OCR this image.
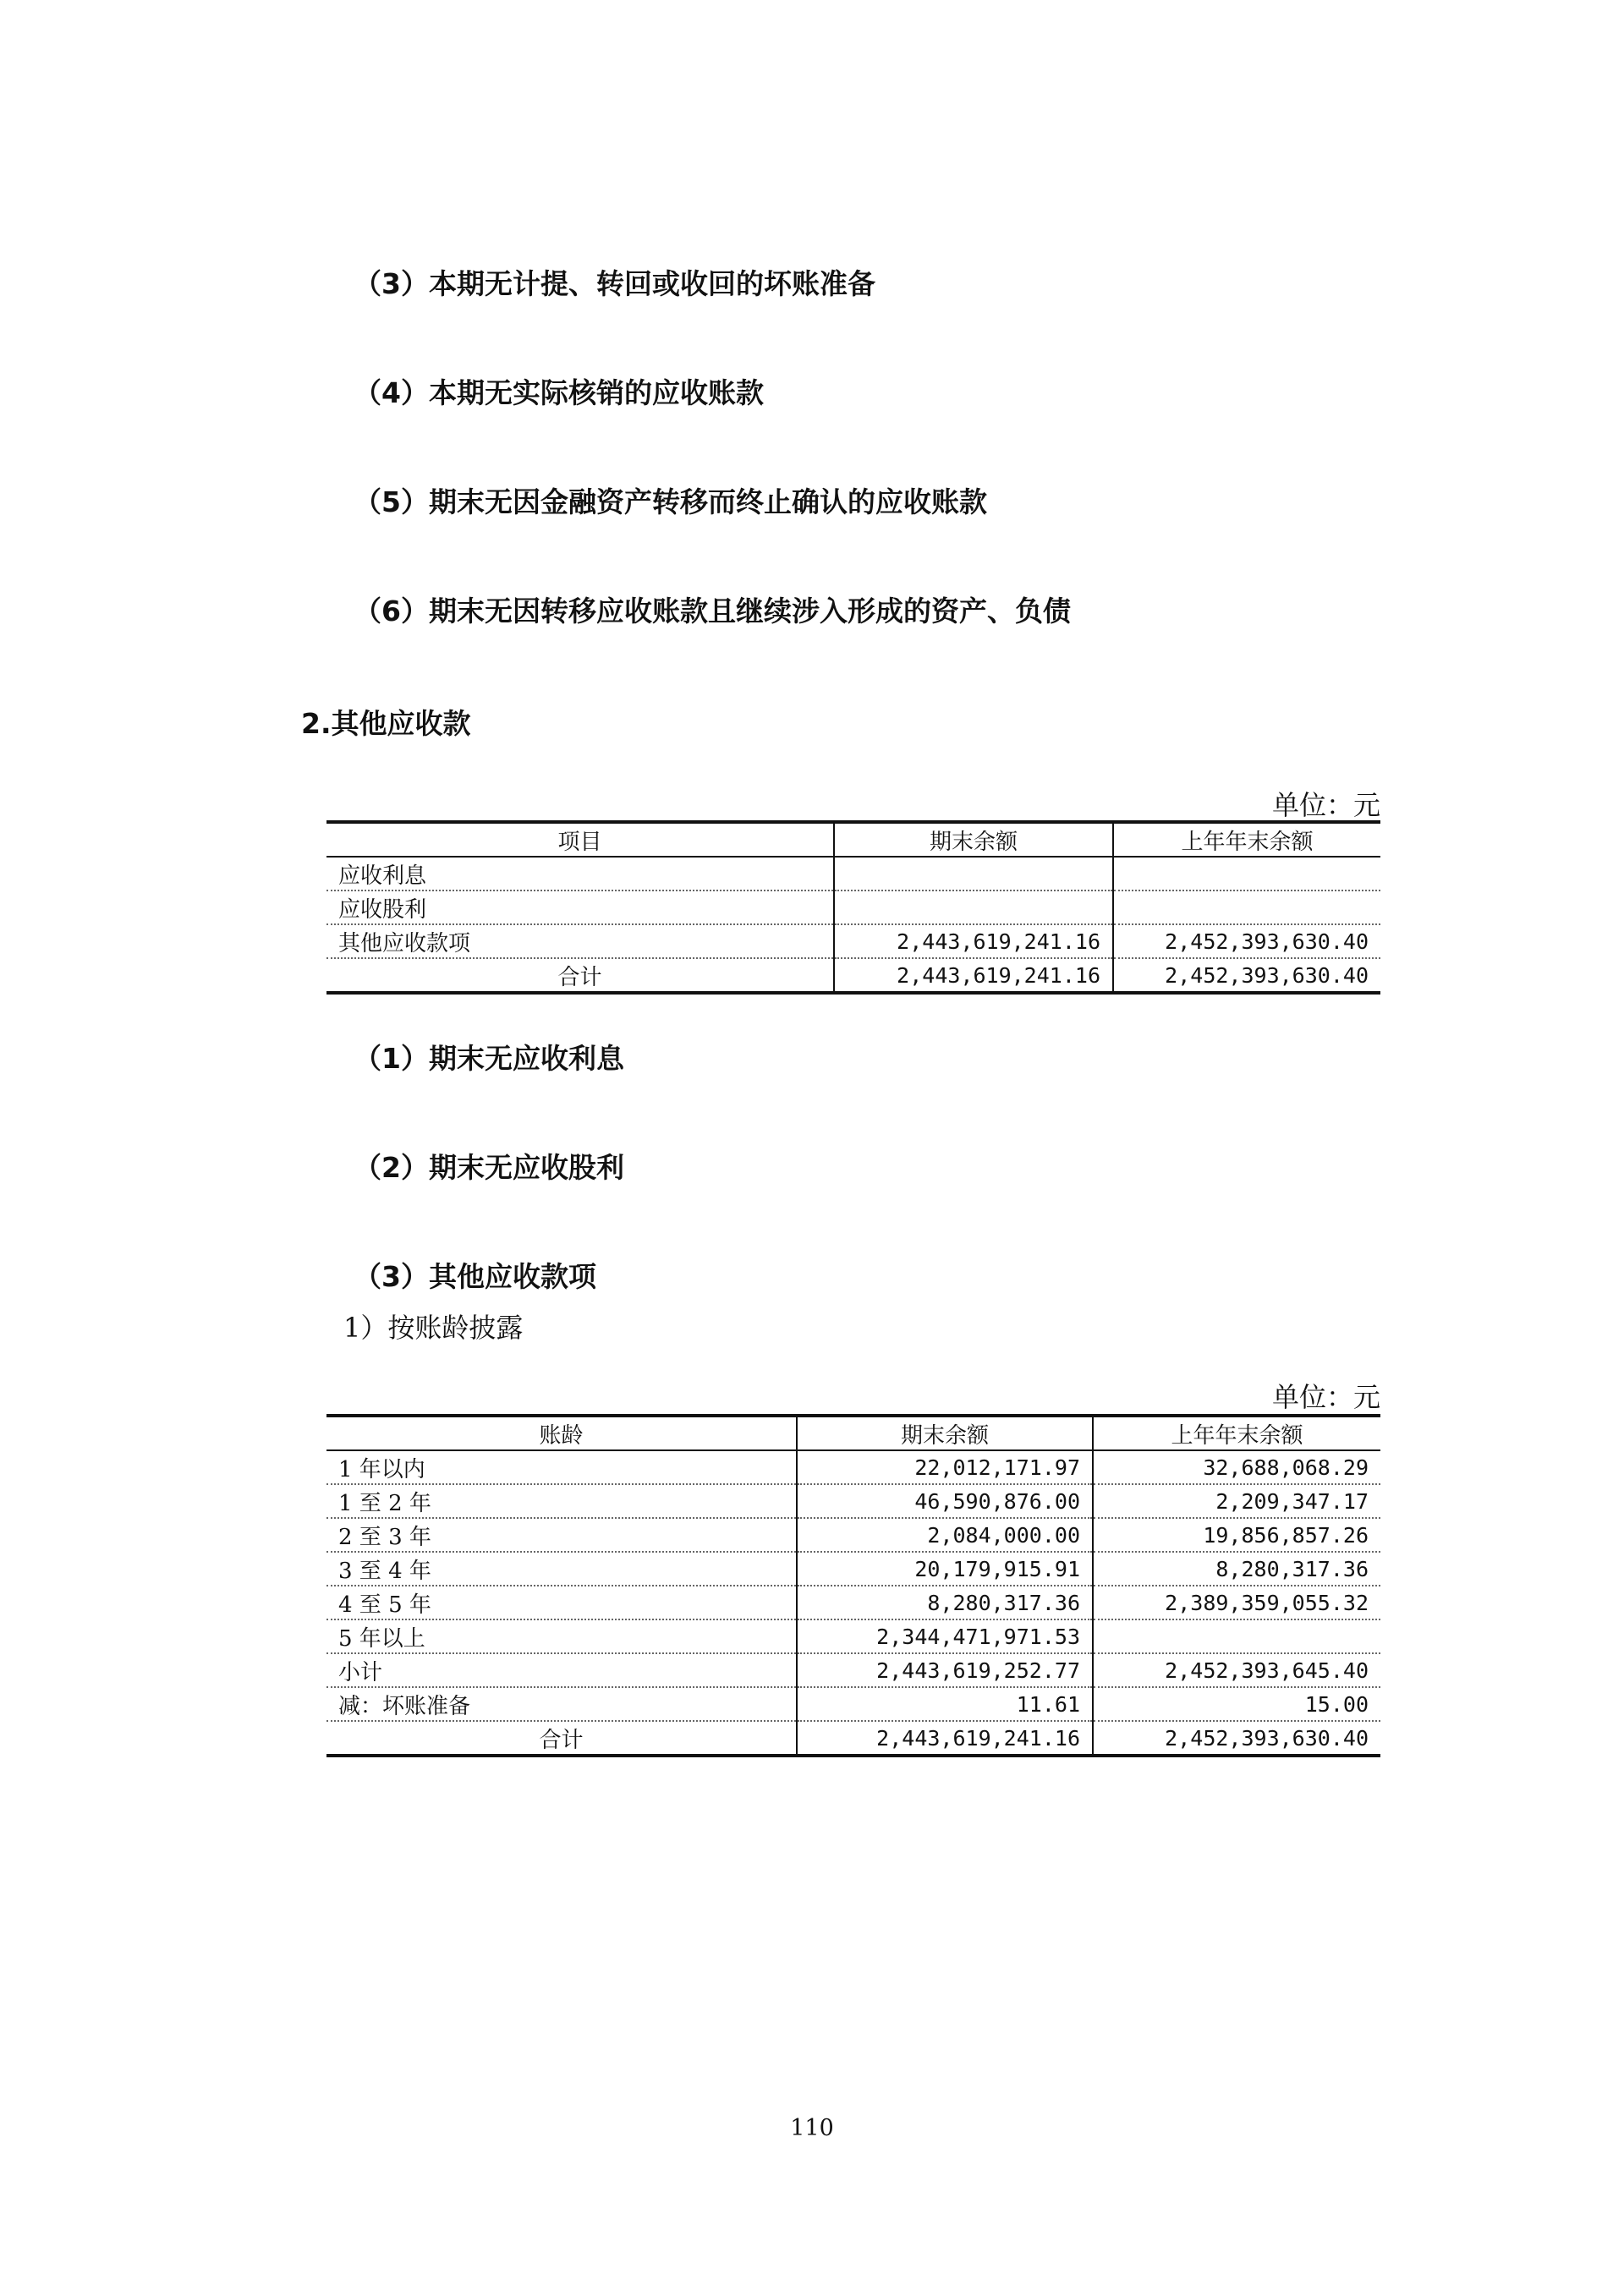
（3）本期无计提、转回或收回的坏账准备
（4）本期无实际核销的应收账款
（5）期末无因金融资产转移而终止确认的应收账款
（6）期末无因转移应收账款且继续涉入形成的资产、负债
2.其他应收款
单位：元
项目	期末余额	上年年末余额
应收利息		
应收股利		
其他应收款项	2,443,619,241.16	2,452,393,630.40
合计	2,443,619,241.16	2,452,393,630.40
（1）期末无应收利息
（2）期末无应收股利
（3）其他应收款项
1）按账龄披露
单位：元
账龄	期末余额	上年年末余额
1 年以内	22,012,171.97	32,688,068.29
1 至 2 年	46,590,876.00	2,209,347.17
2 至 3 年	2,084,000.00	19,856,857.26
3 至 4 年	20,179,915.91	8,280,317.36
4 至 5 年	8,280,317.36	2,389,359,055.32
5 年以上	2,344,471,971.53	
小计	2,443,619,252.77	2,452,393,645.40
减：坏账准备	11.61	15.00
合计	2,443,619,241.16	2,452,393,630.40
110
